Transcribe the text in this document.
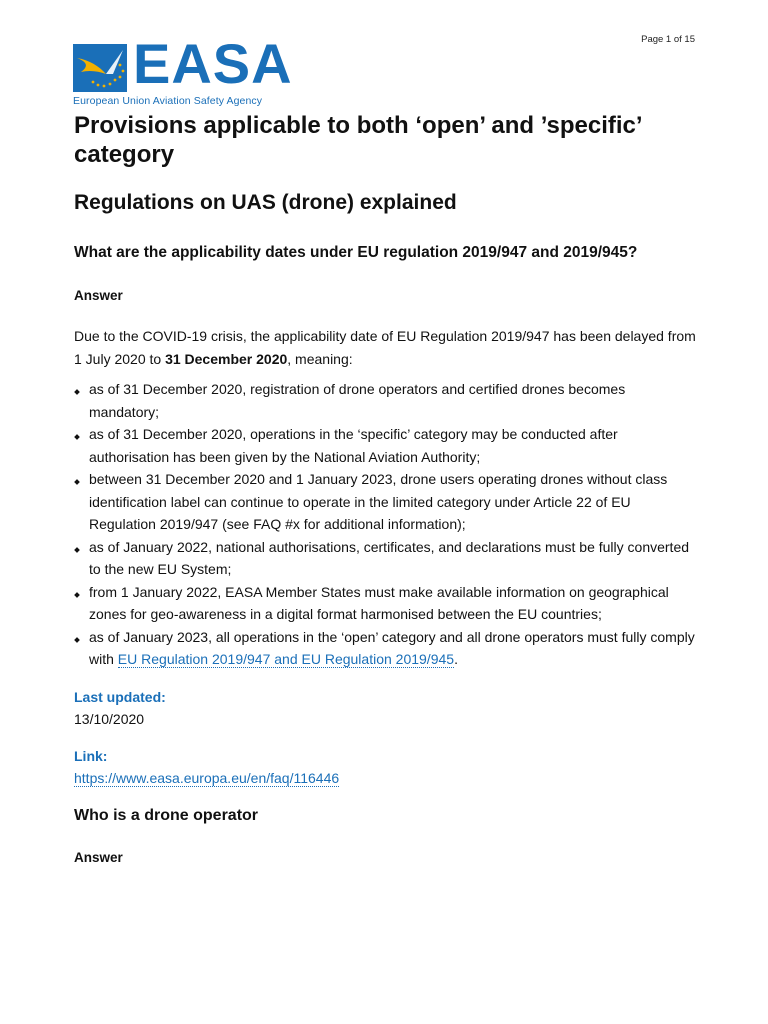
Page 1 of 15
EASA
European Union Aviation Safety Agency
Provisions applicable to both ‘open’ and ’specific’ category
Regulations on UAS (drone) explained
What are the applicability dates under EU regulation 2019/947 and 2019/945?
Answer

Due to the COVID-19 crisis, the applicability date of EU Regulation 2019/947 has been delayed from 1 July 2020 to 31 December 2020, meaning:

as of 31 December 2020, registration of drone operators and certified drones becomes mandatory;
as of 31 December 2020, operations in the ‘specific’ category may be conducted after authorisation has been given by the National Aviation Authority;
between 31 December 2020 and 1 January 2023, drone users operating drones without class identification label can continue to operate in the limited category under Article 22 of EU Regulation 2019/947 (see FAQ #x for additional information);
as of January 2022, national authorisations, certificates, and declarations must be fully converted to the new EU System;
from 1 January 2022, EASA Member States must make available information on geographical zones for geo-awareness in a digital format harmonised between the EU countries;
as of January 2023, all operations in the ‘open’ category and all drone operators must fully comply with EU Regulation 2019/947 and EU Regulation 2019/945.
Last updated:
13/10/2020
Link:
https://www.easa.europa.eu/en/faq/116446
Who is a drone operator
Answer
